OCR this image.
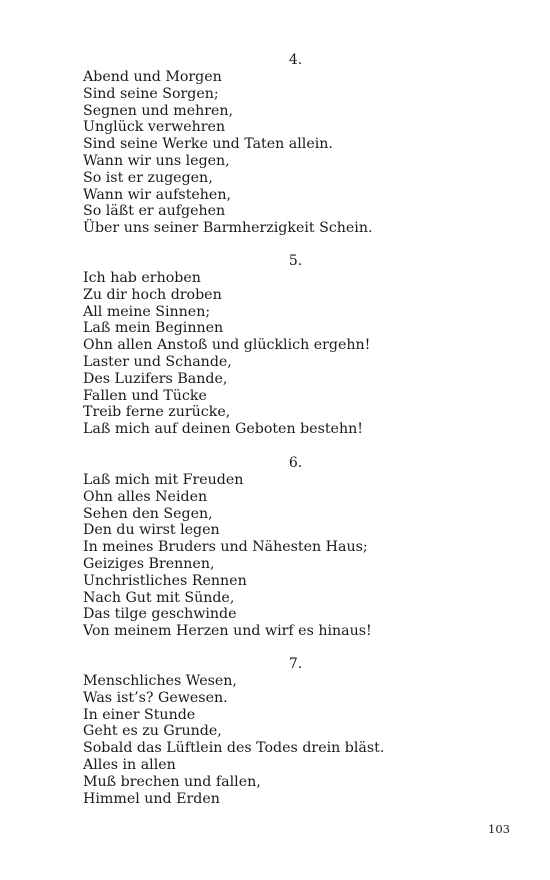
4.
Abend und Morgen
Sind seine Sorgen;
Segnen und mehren,
Unglück verwehren
Sind seine Werke und Taten allein.
Wann wir uns legen,
So ist er zugegen,
Wann wir aufstehen,
So läßt er aufgehen
Über uns seiner Barmherzigkeit Schein.
5.
Ich hab erhoben
Zu dir hoch droben
All meine Sinnen;
Laß mein Beginnen
Ohn allen Anstoß und glücklich ergehn!
Laster und Schande,
Des Luzifers Bande,
Fallen und Tücke
Treib ferne zurücke,
Laß mich auf deinen Geboten bestehn!
6.
Laß mich mit Freuden
Ohn alles Neiden
Sehen den Segen,
Den du wirst legen
In meines Bruders und Nähesten Haus;
Geiziges Brennen,
Unchristliches Rennen
Nach Gut mit Sünde,
Das tilge geschwinde
Von meinem Herzen und wirf es hinaus!
7.
Menschliches Wesen,
Was ist’s? Gewesen.
In einer Stunde
Geht es zu Grunde,
Sobald das Lüftlein des Todes drein bläst.
Alles in allen
Muß brechen und fallen,
Himmel und Erden
103
